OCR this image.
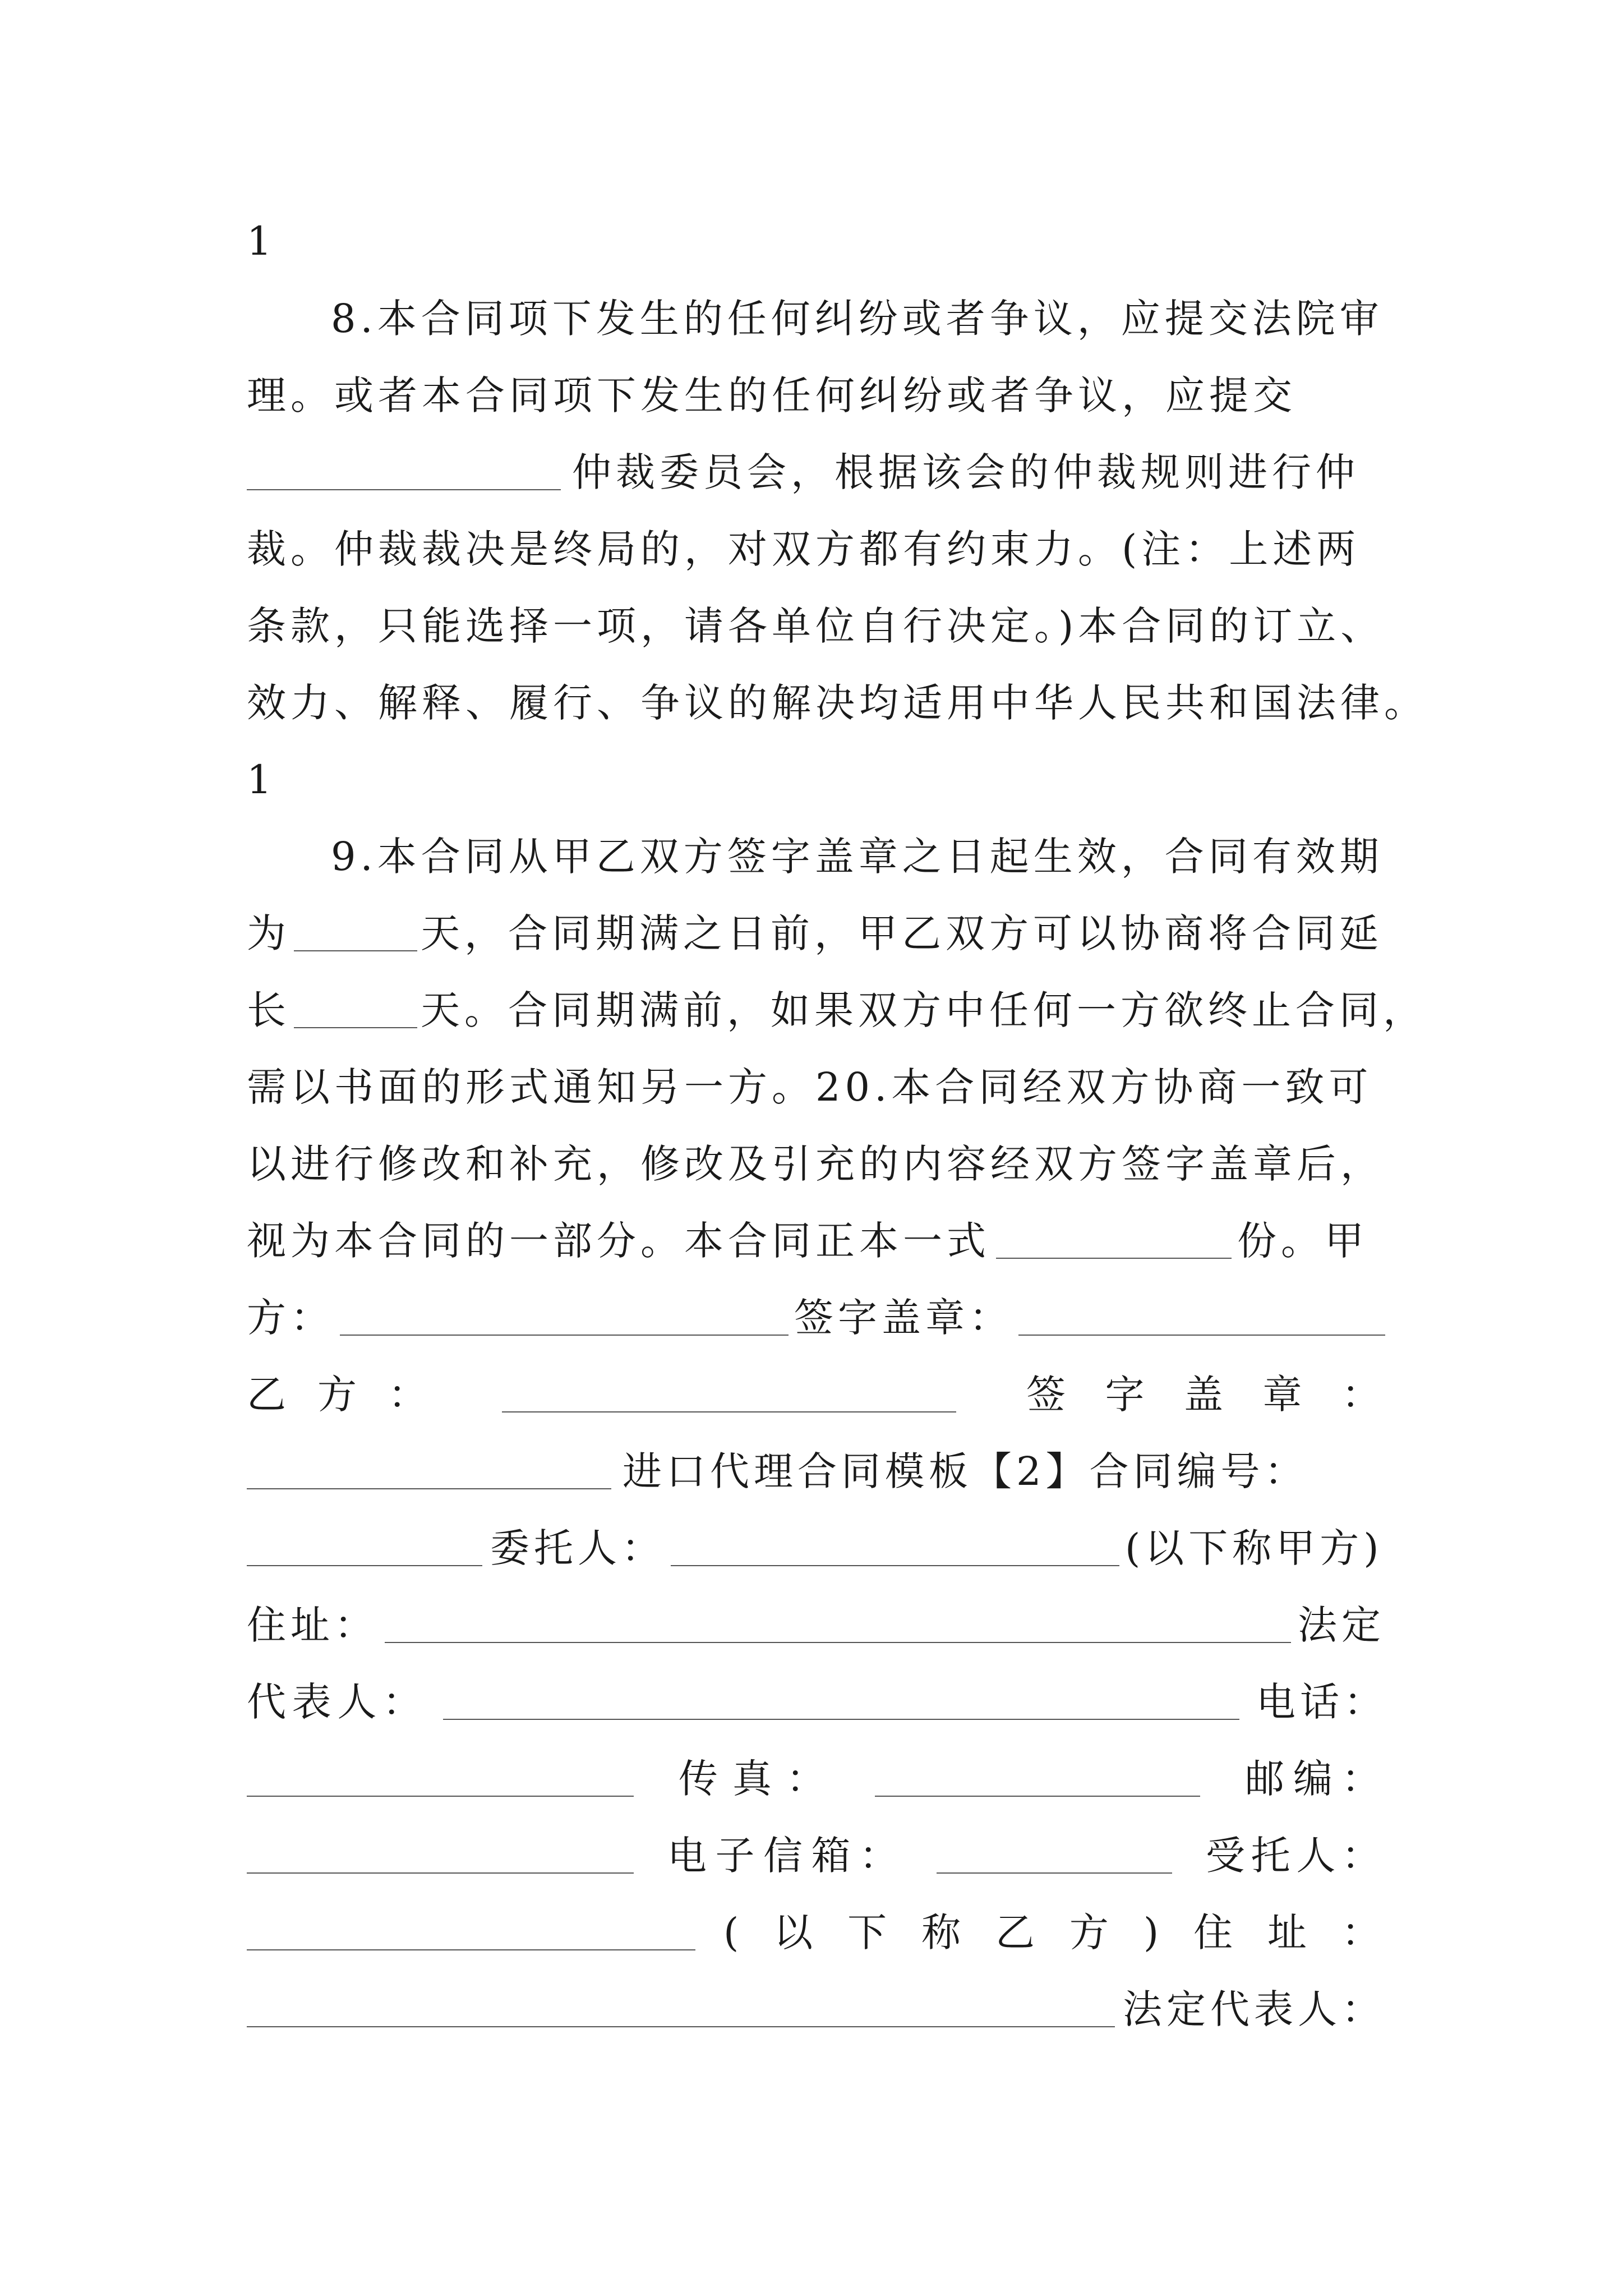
1
8.本合同项下发生的任何纠纷或者争议，应提交法院审
理。或者本合同项下发生的任何纠纷或者争议，应提交
仲裁委员会，根据该会的仲裁规则进行仲
裁。仲裁裁决是终局的，对双方都有约束力。(注：上述两
条款，只能选择一项，请各单位自行决定。)本合同的订立、
效力、解释、履行、争议的解决均适用中华人民共和国法律。
1
9.本合同从甲乙双方签字盖章之日起生效，合同有效期
为	天，合同期满之日前，甲乙双方可以协商将合同延
长	天。合同期满前，如果双方中任何一方欲终止合同，
需以书面的形式通知另一方。20.本合同经双方协商一致可
以进行修改和补充，修改及引充的内容经双方签字盖章后，
视为本合同的一部分。本合同正本一式	份。甲
方：	签字盖章：
乙 方 ：	签 字 盖 章 ：
进口代理合同模板【2】合同编号：
委托人：	(以下称甲方)
住址：	法定
代 表 人 ：	电 话 ：
传 真 ：	邮 编 ：
电 子 信 箱 ：	受 托 人 ：
( 以 下 称 乙 方 ) 住 址 ：
法定代表人：
